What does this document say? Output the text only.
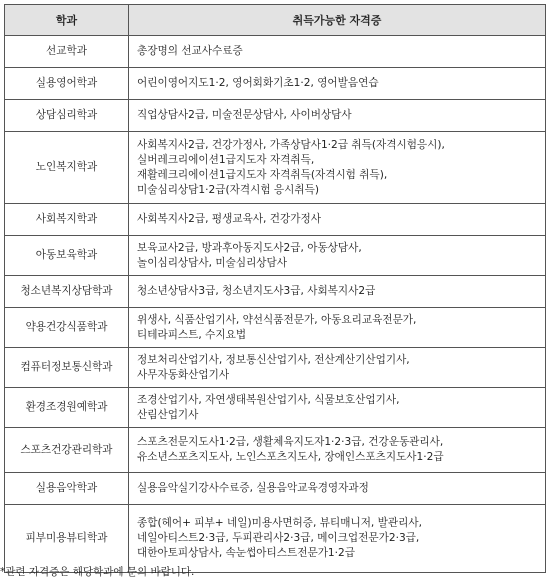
학과	취득가능한 자격증
선교학과	총장명의 선교사수료증

실용영어학과	어린이영어지도1·2, 영어회화기초1·2, 영어발음연습

상담심리학과	직업상담사2급, 미술전문상담사, 사이버상담사

노인복지학과	사회복지사2급, 건강가정사, 가족상담사1·2급 취득(자격시험응시),
실버레크리에이션1급지도자 자격취득,
재활레크리에이션1급지도자 자격취득(자격시험 취득),
미술심리상담1·2급(자격시험 응시취득)

사회복지학과	사회복지사2급, 평생교육사, 건강가정사

아동보육학과	보육교사2급, 방과후아동지도사2급, 아동상담사,
놀이심리상담사, 미술심리상담사

청소년복지상담학과	청소년상담사3급, 청소년지도사3급, 사회복지사2급

약용건강식품학과	위생사, 식품산업기사, 약선식품전문가, 아동요리교육전문가,
티테라피스트, 수지요법

컴퓨터정보통신학과	정보처리산업기사, 정보통신산업기사, 전산계산기산업기사,
사무자동화산업기사

환경조경원예학과	조경산업기사, 자연생태복원산업기사, 식물보호산업기사,
산림산업기사

스포츠건강관리학과	스포츠전문지도사1·2급, 생활체육지도자1·2·3급, 건강운동관리사,
유소년스포츠지도사, 노인스포츠지도사, 장애인스포츠지도사1·2급

실용음악학과	실용음악실기강사수료증, 실용음악교육경영자과정

피부미용뷰티학과	종합(헤어+ 피부+ 네일)미용사면허증, 뷰티매니저, 발관리사,
네일아티스트2·3급, 두피관리사2·3급, 메이크업전문가2·3급,
대한아토피상담사, 속눈썹아티스트전문가1·2급
*관련 자격증은 해당학과에 문의 바랍니다.
